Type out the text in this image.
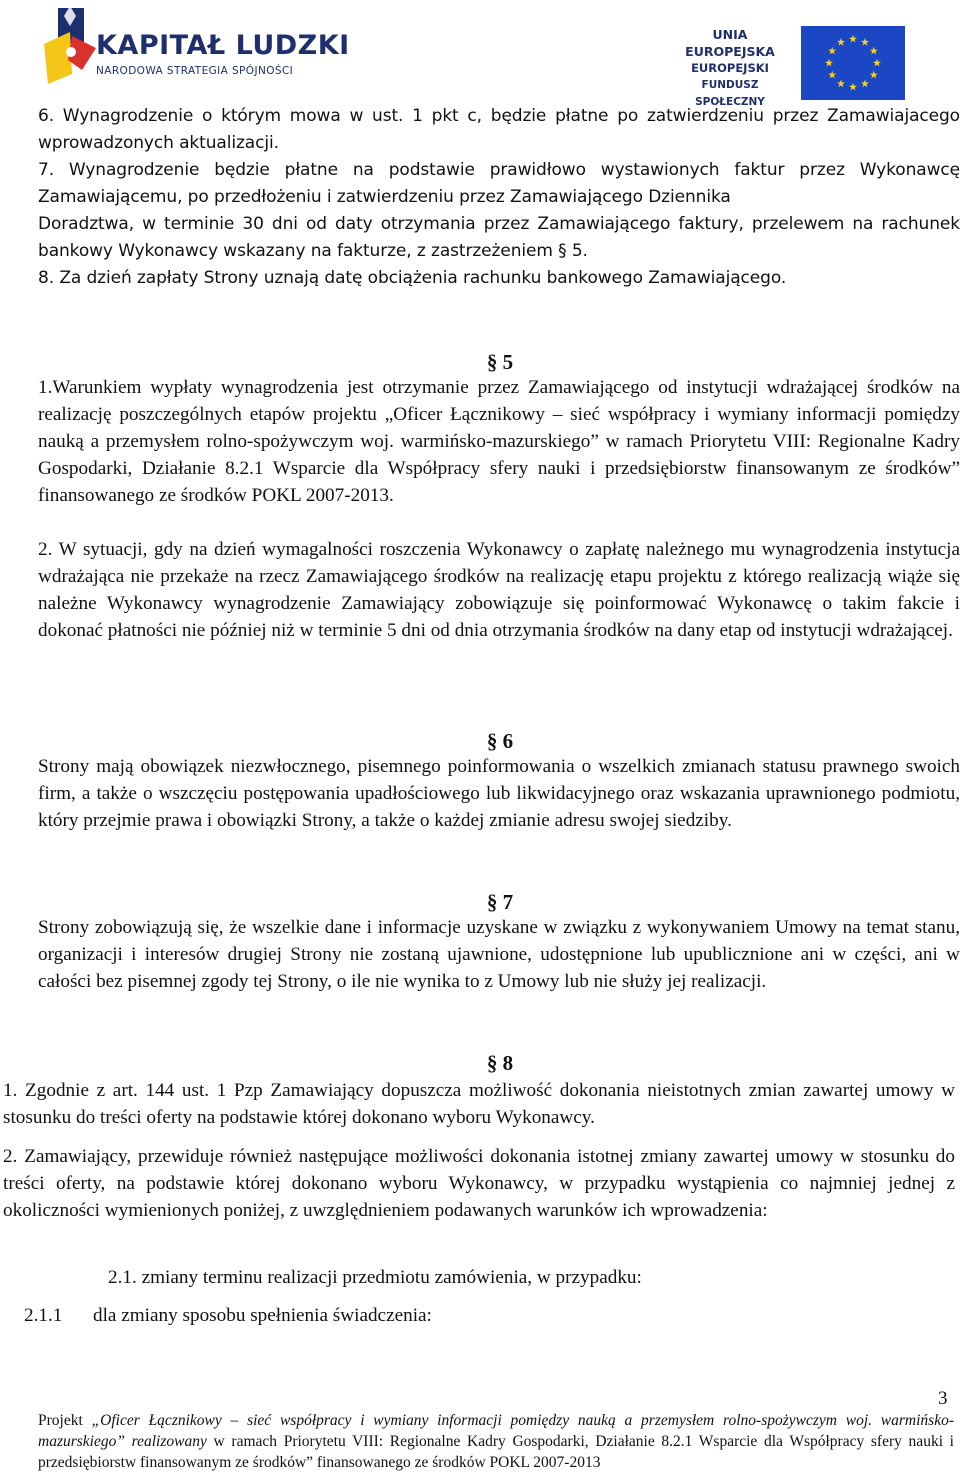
KAPITAŁ LUDZKI
NARODOWA STRATEGIA SPÓJNOŚCI
UNIA EUROPEJSKA
EUROPEJSKI
FUNDUSZ SPOŁECZNY

6. Wynagrodzenie o którym mowa w ust. 1 pkt c, będzie płatne po zatwierdzeniu przez Zamawiajacego wprowadzonych aktualizacji.

7. Wynagrodzenie będzie płatne na podstawie prawidłowo wystawionych faktur przez Wykonawcę Zamawiającemu, po przedłożeniu i zatwierdzeniu przez Zamawiającego Dziennika

Doradztwa, w terminie 30 dni od daty otrzymania przez Zamawiającego faktury, przelewem na rachunek bankowy Wykonawcy wskazany na fakturze, z zastrzeżeniem § 5.

8. Za dzień zapłaty Strony uznają datę obciążenia rachunku bankowego Zamawiającego.

§ 5

1.Warunkiem wypłaty wynagrodzenia jest otrzymanie przez Zamawiającego od instytucji wdrażającej środków na realizację poszczególnych etapów projektu „Oficer Łącznikowy – sieć współpracy i wymiany informacji pomiędzy nauką a przemysłem rolno-spożywczym woj. warmińsko-mazurskiego” w ramach Priorytetu VIII: Regionalne Kadry Gospodarki, Działanie 8.2.1 Wsparcie dla Współpracy sfery nauki i przedsiębiorstw finansowanym ze środków” finansowanego ze środków POKL 2007-2013.

2. W sytuacji, gdy na dzień wymagalności roszczenia Wykonawcy o zapłatę należnego mu wynagrodzenia instytucja wdrażająca nie przekaże na rzecz Zamawiającego środków na realizację etapu projektu z którego realizacją wiąże się należne Wykonawcy wynagrodzenie Zamawiający zobowiązuje się poinformować Wykonawcę o takim fakcie i dokonać płatności nie później niż w terminie 5 dni od dnia otrzymania środków na dany etap od instytucji wdrażającej.

§ 6

Strony mają obowiązek niezwłocznego, pisemnego poinformowania o wszelkich zmianach statusu prawnego swoich firm, a także o wszczęciu postępowania upadłościowego lub likwidacyjnego oraz wskazania uprawnionego podmiotu, który przejmie prawa i obowiązki Strony, a także o każdej zmianie adresu swojej siedziby.

§ 7

Strony zobowiązują się, że wszelkie dane i informacje uzyskane w związku z wykonywaniem Umowy na temat stanu, organizacji i interesów drugiej Strony nie zostaną ujawnione, udostępnione lub upublicznione ani w części, ani w całości bez pisemnej zgody tej Strony, o ile nie wynika to z Umowy lub nie służy jej realizacji.

§ 8

1. Zgodnie z art. 144 ust. 1 Pzp Zamawiający dopuszcza możliwość dokonania nieistotnych zmian zawartej umowy w stosunku do treści oferty na podstawie której dokonano wyboru Wykonawcy.

2. Zamawiający, przewiduje również następujące możliwości dokonania istotnej zmiany zawartej umowy w stosunku do treści oferty, na podstawie której dokonano wyboru Wykonawcy, w przypadku wystąpienia co najmniej jednej z okoliczności wymienionych poniżej, z uwzględnieniem podawanych warunków ich wprowadzenia:

2.1. zmiany terminu realizacji przedmiotu zamówienia, w przypadku:

2.1.1	dla zmiany sposobu spełnienia świadczenia:

3
Projekt „Oficer Łącznikowy – sieć współpracy i wymiany informacji pomiędzy nauką a przemysłem rolno-spożywczym woj. warmińsko-mazurskiego” realizowany w ramach Priorytetu VIII: Regionalne Kadry Gospodarki, Działanie 8.2.1 Wsparcie dla Współpracy sfery nauki i przedsiębiorstw finansowanym ze środków” finansowanego ze środków POKL 2007-2013
